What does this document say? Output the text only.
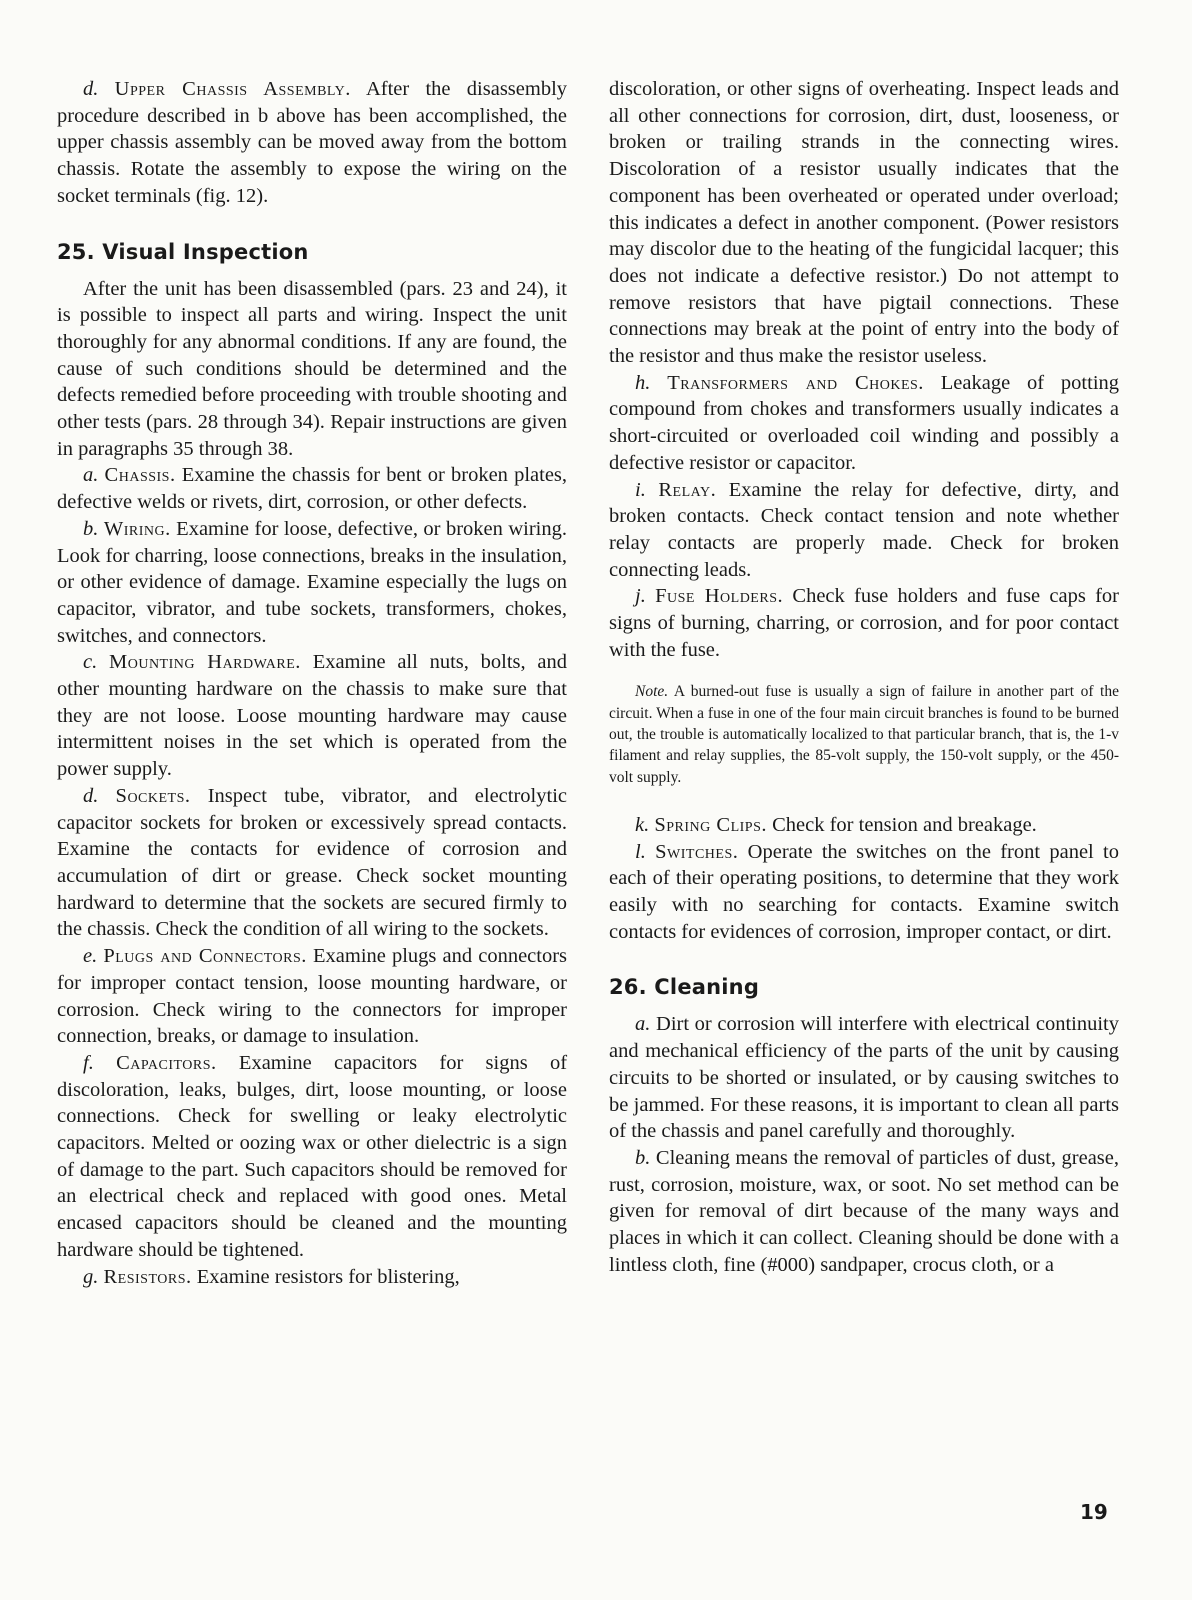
d. Upper Chassis Assembly. After the disassembly procedure described in b above has been accomplished, the upper chassis assembly can be moved away from the bottom chassis. Rotate the assembly to expose the wiring on the socket terminals (fig. 12).

25. Visual Inspection

After the unit has been disassembled (pars. 23 and 24), it is possible to inspect all parts and wiring. Inspect the unit thoroughly for any abnormal conditions. If any are found, the cause of such conditions should be determined and the defects remedied before proceeding with trouble shooting and other tests (pars. 28 through 34). Repair instructions are given in paragraphs 35 through 38.

a. Chassis. Examine the chassis for bent or broken plates, defective welds or rivets, dirt, corrosion, or other defects.

b. Wiring. Examine for loose, defective, or broken wiring. Look for charring, loose connections, breaks in the insulation, or other evidence of damage. Examine especially the lugs on capacitor, vibrator, and tube sockets, transformers, chokes, switches, and connectors.

c. Mounting Hardware. Examine all nuts, bolts, and other mounting hardware on the chassis to make sure that they are not loose. Loose mounting hardware may cause intermittent noises in the set which is operated from the power supply.

d. Sockets. Inspect tube, vibrator, and electrolytic capacitor sockets for broken or excessively spread contacts. Examine the contacts for evidence of corrosion and accumulation of dirt or grease. Check socket mounting hardward to determine that the sockets are secured firmly to the chassis. Check the condition of all wiring to the sockets.

e. Plugs and Connectors. Examine plugs and connectors for improper contact tension, loose mounting hardware, or corrosion. Check wiring to the connectors for improper connection, breaks, or damage to insulation.

f. Capacitors. Examine capacitors for signs of discoloration, leaks, bulges, dirt, loose mounting, or loose connections. Check for swelling or leaky electrolytic capacitors. Melted or oozing wax or other dielectric is a sign of damage to the part. Such capacitors should be removed for an electrical check and replaced with good ones. Metal encased capacitors should be cleaned and the mounting hardware should be tightened.

g. Resistors. Examine resistors for blistering,

discoloration, or other signs of overheating. Inspect leads and all other connections for corrosion, dirt, dust, looseness, or broken or trailing strands in the connecting wires. Discoloration of a resistor usually indicates that the component has been overheated or operated under overload; this indicates a defect in another component. (Power resistors may discolor due to the heating of the fungicidal lacquer; this does not indicate a defective resistor.) Do not attempt to remove resistors that have pigtail connections. These connections may break at the point of entry into the body of the resistor and thus make the resistor useless.

h. Transformers and Chokes. Leakage of potting compound from chokes and transformers usually indicates a short-circuited or overloaded coil winding and possibly a defective resistor or capacitor.

i. Relay. Examine the relay for defective, dirty, and broken contacts. Check contact tension and note whether relay contacts are properly made. Check for broken connecting leads.

j. Fuse Holders. Check fuse holders and fuse caps for signs of burning, charring, or corrosion, and for poor contact with the fuse.

Note. A burned-out fuse is usually a sign of failure in another part of the circuit. When a fuse in one of the four main circuit branches is found to be burned out, the trouble is automatically localized to that particular branch, that is, the 1-v filament and relay supplies, the 85-volt supply, the 150-volt supply, or the 450-volt supply.

k. Spring Clips. Check for tension and breakage.

l. Switches. Operate the switches on the front panel to each of their operating positions, to determine that they work easily with no searching for contacts. Examine switch contacts for evidences of corrosion, improper contact, or dirt.

26. Cleaning

a. Dirt or corrosion will interfere with electrical continuity and mechanical efficiency of the parts of the unit by causing circuits to be shorted or insulated, or by causing switches to be jammed. For these reasons, it is important to clean all parts of the chassis and panel carefully and thoroughly.

b. Cleaning means the removal of particles of dust, grease, rust, corrosion, moisture, wax, or soot. No set method can be given for removal of dirt because of the many ways and places in which it can collect. Cleaning should be done with a lintless cloth, fine (#000) sandpaper, crocus cloth, or a

19
